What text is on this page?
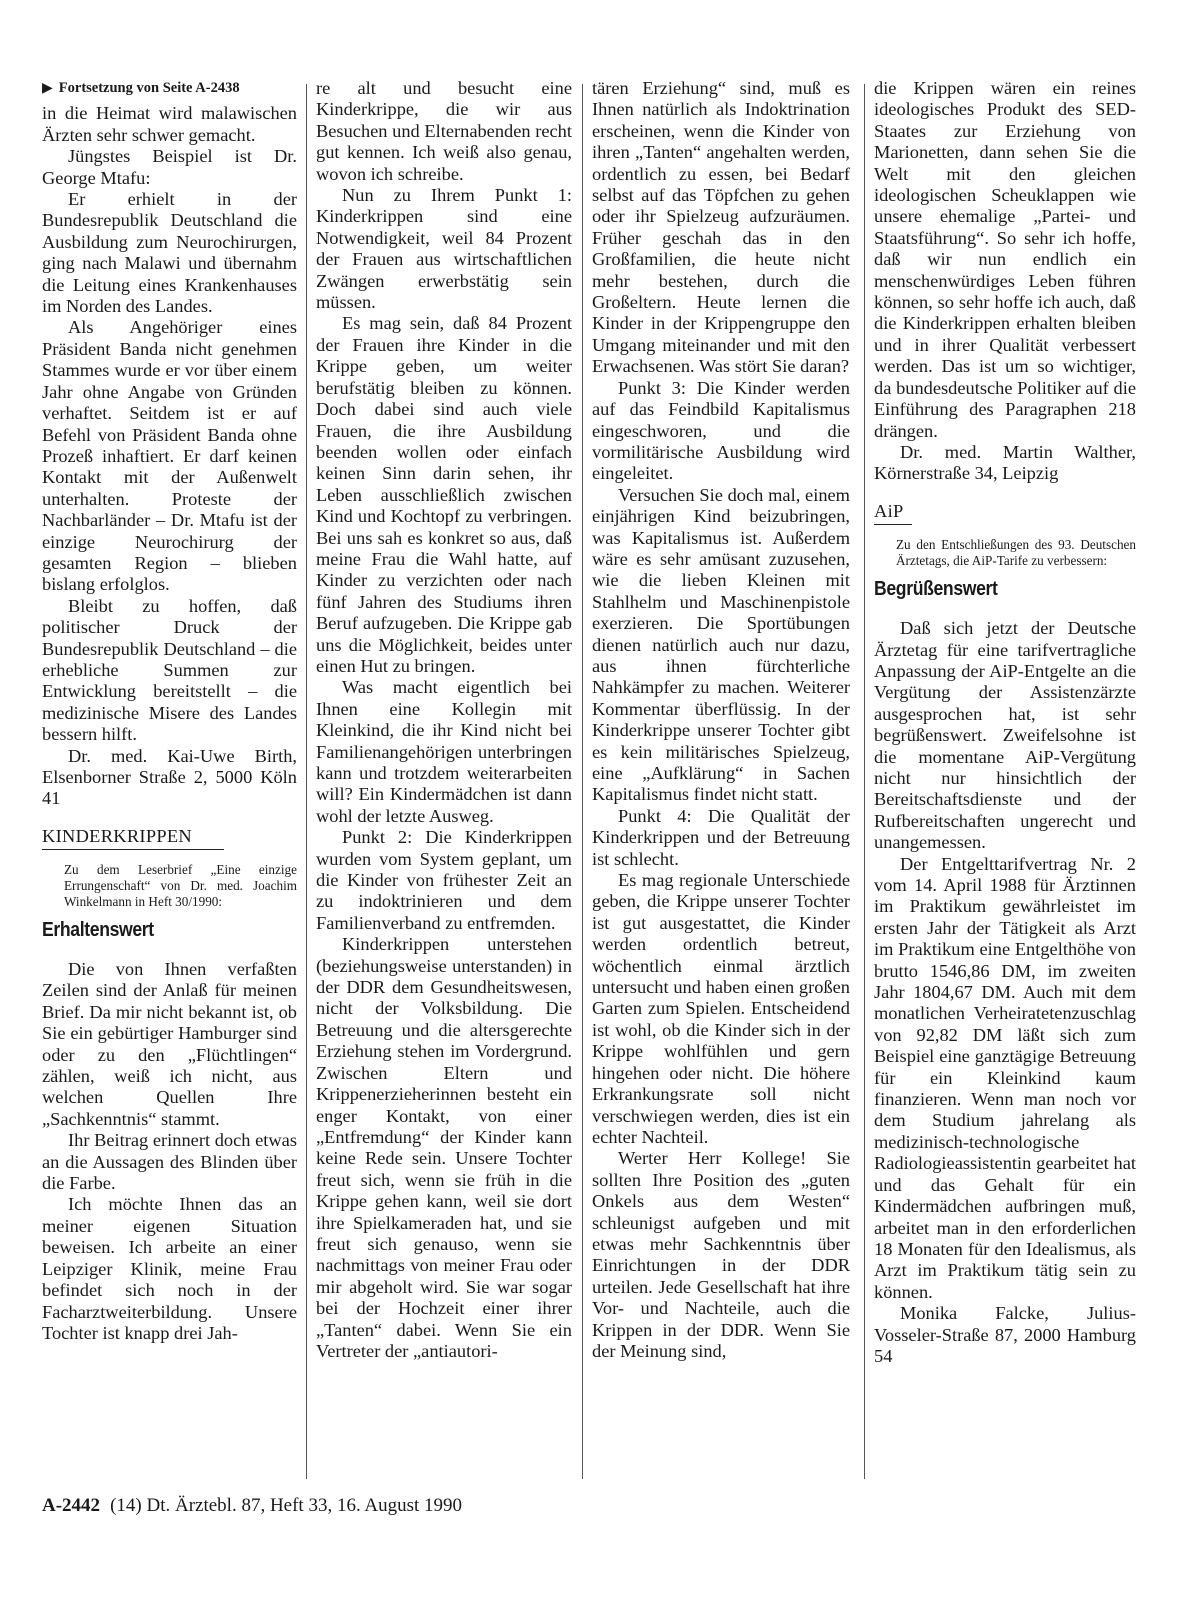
▶ Fortsetzung von Seite A-2438

in die Heimat wird malawischen Ärzten sehr schwer gemacht.

Jüngstes Beispiel ist Dr. George Mtafu:

Er erhielt in der Bundesrepublik Deutschland die Ausbildung zum Neurochirurgen, ging nach Malawi und übernahm die Leitung eines Krankenhauses im Norden des Landes.

Als Angehöriger eines Präsident Banda nicht genehmen Stammes wurde er vor über einem Jahr ohne Angabe von Gründen verhaftet. Seitdem ist er auf Befehl von Präsident Banda ohne Prozeß inhaftiert. Er darf keinen Kontakt mit der Außenwelt unterhalten. Proteste der Nachbarländer – Dr. Mtafu ist der einzige Neurochirurg der gesamten Region – blieben bislang erfolglos.

Bleibt zu hoffen, daß politischer Druck der Bundesrepublik Deutschland – die erhebliche Summen zur Entwicklung bereitstellt – die medizinische Misere des Landes bessern hilft.

Dr. med. Kai-Uwe Birth, Elsenborner Straße 2, 5000 Köln 41

KINDERKRIPPEN

Zu dem Leserbrief „Eine einzige Errungenschaft“ von Dr. med. Joachim Winkelmann in Heft 30/1990:

Erhaltenswert

Die von Ihnen verfaßten Zeilen sind der Anlaß für meinen Brief. Da mir nicht bekannt ist, ob Sie ein gebürtiger Hamburger sind oder zu den „Flüchtlingen“ zählen, weiß ich nicht, aus welchen Quellen Ihre „Sachkenntnis“ stammt.

Ihr Beitrag erinnert doch etwas an die Aussagen des Blinden über die Farbe.

Ich möchte Ihnen das an meiner eigenen Situation beweisen. Ich arbeite an einer Leipziger Klinik, meine Frau befindet sich noch in der Facharztweiterbildung. Unsere Tochter ist knapp drei Jah-

re alt und besucht eine Kinderkrippe, die wir aus Besuchen und Elternabenden recht gut kennen. Ich weiß also genau, wovon ich schreibe.

Nun zu Ihrem Punkt 1: Kinderkrippen sind eine Notwendigkeit, weil 84 Prozent der Frauen aus wirtschaftlichen Zwängen erwerbstätig sein müssen.

Es mag sein, daß 84 Prozent der Frauen ihre Kinder in die Krippe geben, um weiter berufstätig bleiben zu können. Doch dabei sind auch viele Frauen, die ihre Ausbildung beenden wollen oder einfach keinen Sinn darin sehen, ihr Leben ausschließlich zwischen Kind und Kochtopf zu verbringen. Bei uns sah es konkret so aus, daß meine Frau die Wahl hatte, auf Kinder zu verzichten oder nach fünf Jahren des Studiums ihren Beruf aufzugeben. Die Krippe gab uns die Möglichkeit, beides unter einen Hut zu bringen.

Was macht eigentlich bei Ihnen eine Kollegin mit Kleinkind, die ihr Kind nicht bei Familienangehörigen unterbringen kann und trotzdem weiterarbeiten will? Ein Kindermädchen ist dann wohl der letzte Ausweg.

Punkt 2: Die Kinderkrippen wurden vom System geplant, um die Kinder von frühester Zeit an zu indoktrinieren und dem Familienverband zu entfremden.

Kinderkrippen unterstehen (beziehungsweise unterstanden) in der DDR dem Gesundheitswesen, nicht der Volksbildung. Die Betreuung und die altersgerechte Erziehung stehen im Vordergrund. Zwischen Eltern und Krippenerzieherinnen besteht ein enger Kontakt, von einer „Entfremdung“ der Kinder kann keine Rede sein. Unsere Tochter freut sich, wenn sie früh in die Krippe gehen kann, weil sie dort ihre Spielkameraden hat, und sie freut sich genauso, wenn sie nachmittags von meiner Frau oder mir abgeholt wird. Sie war sogar bei der Hochzeit einer ihrer „Tanten“ dabei. Wenn Sie ein Vertreter der „antiautori-

tären Erziehung“ sind, muß es Ihnen natürlich als Indoktrination erscheinen, wenn die Kinder von ihren „Tanten“ angehalten werden, ordentlich zu essen, bei Bedarf selbst auf das Töpfchen zu gehen oder ihr Spielzeug aufzuräumen. Früher geschah das in den Großfamilien, die heute nicht mehr bestehen, durch die Großeltern. Heute lernen die Kinder in der Krippengruppe den Umgang miteinander und mit den Erwachsenen. Was stört Sie daran?

Punkt 3: Die Kinder werden auf das Feindbild Kapitalismus eingeschworen, und die vormilitärische Ausbildung wird eingeleitet.

Versuchen Sie doch mal, einem einjährigen Kind beizubringen, was Kapitalismus ist. Außerdem wäre es sehr amüsant zuzusehen, wie die lieben Kleinen mit Stahlhelm und Maschinenpistole exerzieren. Die Sportübungen dienen natürlich auch nur dazu, aus ihnen fürchterliche Nahkämpfer zu machen. Weiterer Kommentar überflüssig. In der Kinderkrippe unserer Tochter gibt es kein militärisches Spielzeug, eine „Aufklärung“ in Sachen Kapitalismus findet nicht statt.

Punkt 4: Die Qualität der Kinderkrippen und der Betreuung ist schlecht.

Es mag regionale Unterschiede geben, die Krippe unserer Tochter ist gut ausgestattet, die Kinder werden ordentlich betreut, wöchentlich einmal ärztlich untersucht und haben einen großen Garten zum Spielen. Entscheidend ist wohl, ob die Kinder sich in der Krippe wohlfühlen und gern hingehen oder nicht. Die höhere Erkrankungsrate soll nicht verschwiegen werden, dies ist ein echter Nachteil.

Werter Herr Kollege! Sie sollten Ihre Position des „guten Onkels aus dem Westen“ schleunigst aufgeben und mit etwas mehr Sachkenntnis über Einrichtungen in der DDR urteilen. Jede Gesellschaft hat ihre Vor- und Nachteile, auch die Krippen in der DDR. Wenn Sie der Meinung sind,

die Krippen wären ein reines ideologisches Produkt des SED-Staates zur Erziehung von Marionetten, dann sehen Sie die Welt mit den gleichen ideologischen Scheuklappen wie unsere ehemalige „Partei- und Staatsführung“. So sehr ich hoffe, daß wir nun endlich ein menschenwürdiges Leben führen können, so sehr hoffe ich auch, daß die Kinderkrippen erhalten bleiben und in ihrer Qualität verbessert werden. Das ist um so wichtiger, da bundesdeutsche Politiker auf die Einführung des Paragraphen 218 drängen.

Dr. med. Martin Walther, Körnerstraße 34, Leipzig

AiP

Zu den Entschließungen des 93. Deutschen Ärztetags, die AiP-Tarife zu verbessern:

Begrüßenswert

Daß sich jetzt der Deutsche Ärztetag für eine tarifvertragliche Anpassung der AiP-Entgelte an die Vergütung der Assistenzärzte ausgesprochen hat, ist sehr begrüßenswert. Zweifelsohne ist die momentane AiP-Vergütung nicht nur hinsichtlich der Bereitschaftsdienste und der Rufbereitschaften ungerecht und unangemessen.

Der Entgelttarifvertrag Nr. 2 vom 14. April 1988 für Ärztinnen im Praktikum gewährleistet im ersten Jahr der Tätigkeit als Arzt im Praktikum eine Entgelthöhe von brutto 1546,86 DM, im zweiten Jahr 1804,67 DM. Auch mit dem monatlichen Verheiratetenzuschlag von 92,82 DM läßt sich zum Beispiel eine ganztägige Betreuung für ein Kleinkind kaum finanzieren. Wenn man noch vor dem Studium jahrelang als medizinisch-technologische Radiologieassistentin gearbeitet hat und das Gehalt für ein Kindermädchen aufbringen muß, arbeitet man in den erforderlichen 18 Monaten für den Idealismus, als Arzt im Praktikum tätig sein zu können.

Monika Falcke, Julius-Vosseler-Straße 87, 2000 Hamburg 54

A-2442 (14) Dt. Ärztebl. 87, Heft 33, 16. August 1990
